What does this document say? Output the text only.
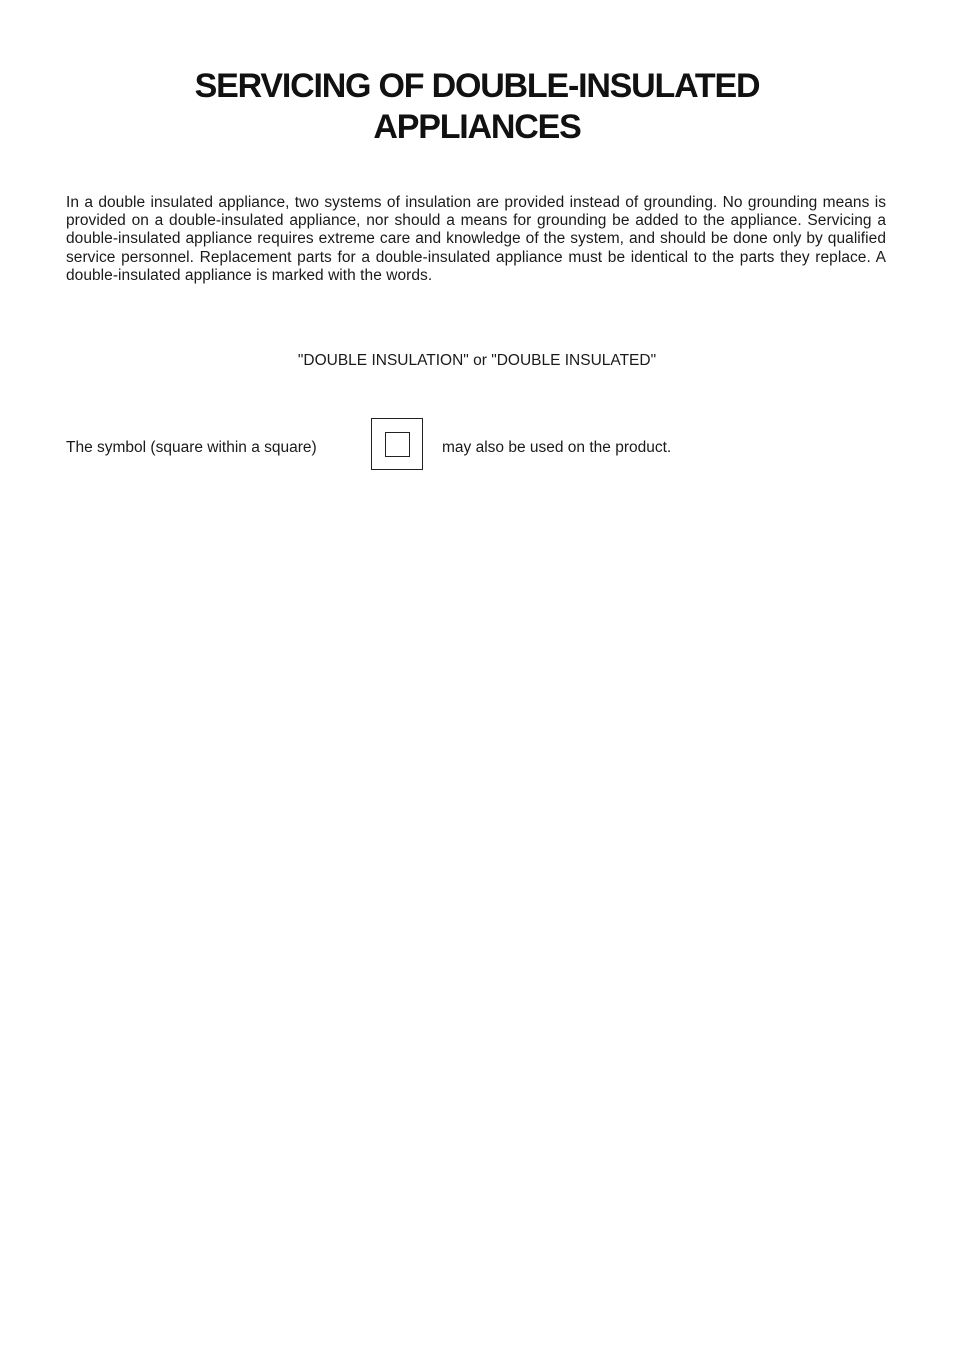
SERVICING OF DOUBLE-INSULATED
APPLIANCES

In a double insulated appliance, two systems of insulation are provided instead of grounding. No grounding means is provided on a double-insulated appliance, nor should a means for grounding be added to the appliance. Servicing a double-insulated appliance requires extreme care and knowledge of the system, and should be done only by qualified service personnel. Replacement parts for a double-insulated appliance must be identical to the parts they replace. A double-insulated appliance is marked with the words.

"DOUBLE INSULATION" or "DOUBLE INSULATED"
The symbol (square within a square)	may also be used on the product.
